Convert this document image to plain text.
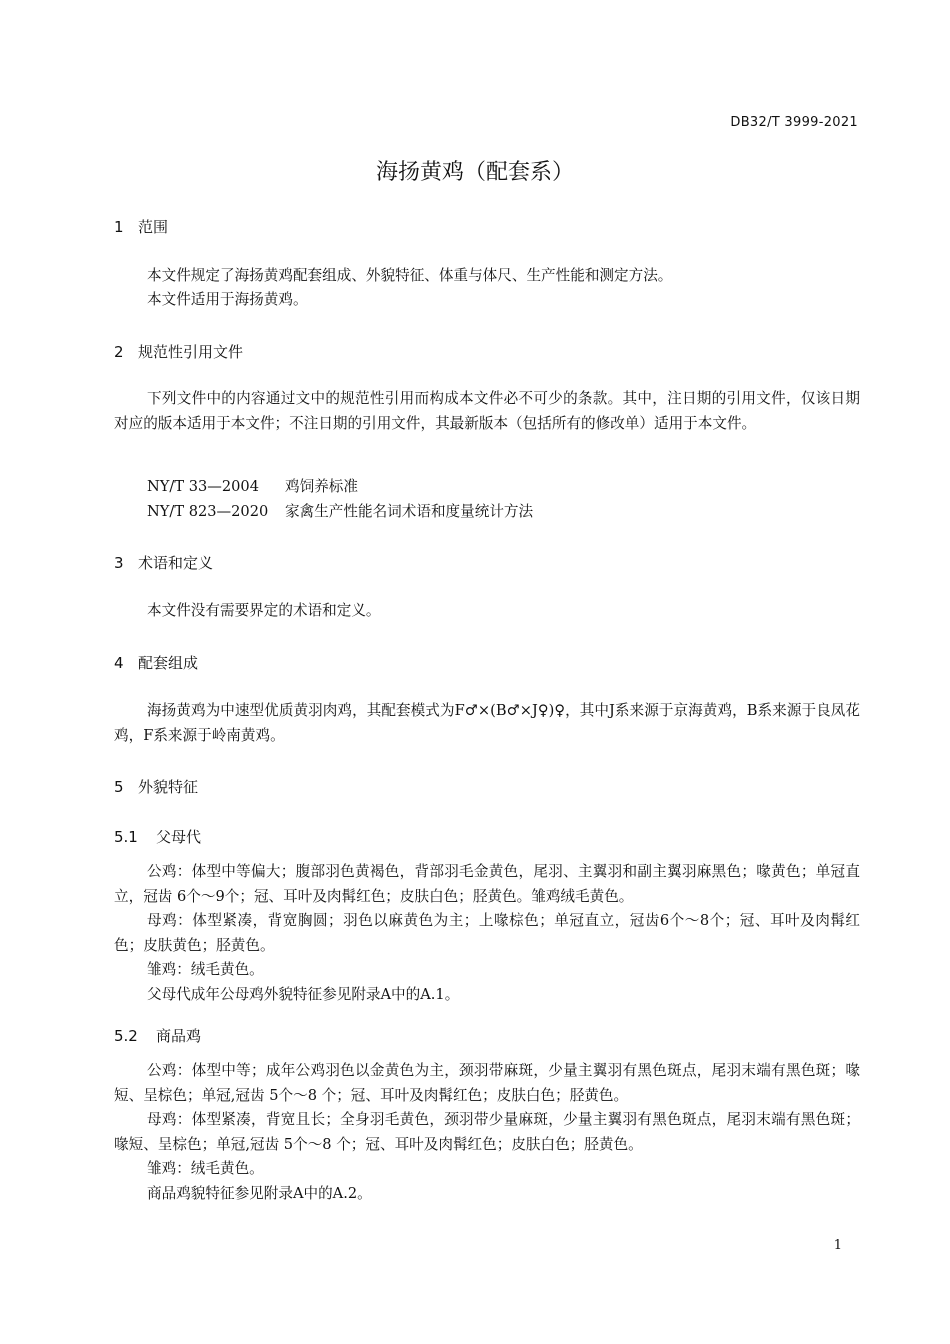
DB32/T 3999-2021
海扬黄鸡（配套系）
1 范围
本文件规定了海扬黄鸡配套组成、外貌特征、体重与体尺、生产性能和测定方法。
本文件适用于海扬黄鸡。
2 规范性引用文件
下列文件中的内容通过文中的规范性引用而构成本文件必不可少的条款。其中，注日期的引用文件，仅该日期对应的版本适用于本文件；不注日期的引用文件，其最新版本（包括所有的修改单）适用于本文件。
NY/T 33—2004 鸡饲养标准
NY/T 823—2020 家禽生产性能名词术语和度量统计方法
3 术语和定义
本文件没有需要界定的术语和定义。
4 配套组成
海扬黄鸡为中速型优质黄羽肉鸡，其配套模式为F♂×(B♂×J♀)♀，其中J系来源于京海黄鸡，B系来源于良凤花鸡，F系来源于岭南黄鸡。
5 外貌特征
5.1 父母代
公鸡：体型中等偏大；腹部羽色黄褐色，背部羽毛金黄色，尾羽、主翼羽和副主翼羽麻黑色；喙黄色；单冠直立，冠齿 6个～9个；冠、耳叶及肉髯红色；皮肤白色；胫黄色。雏鸡绒毛黄色。
母鸡：体型紧凑，背宽胸圆；羽色以麻黄色为主；上喙棕色；单冠直立，冠齿6个～8个；冠、耳叶及肉髯红色；皮肤黄色；胫黄色。
雏鸡：绒毛黄色。
父母代成年公母鸡外貌特征参见附录A中的A.1。
5.2 商品鸡
公鸡：体型中等；成年公鸡羽色以金黄色为主，颈羽带麻斑，少量主翼羽有黑色斑点，尾羽末端有黑色斑；喙短、呈棕色；单冠,冠齿 5个～8 个；冠、耳叶及肉髯红色；皮肤白色；胫黄色。
母鸡：体型紧凑，背宽且长；全身羽毛黄色，颈羽带少量麻斑，少量主翼羽有黑色斑点，尾羽末端有黑色斑；喙短、呈棕色；单冠,冠齿 5个～8 个；冠、耳叶及肉髯红色；皮肤白色；胫黄色。
雏鸡：绒毛黄色。
商品鸡貌特征参见附录A中的A.2。
1
